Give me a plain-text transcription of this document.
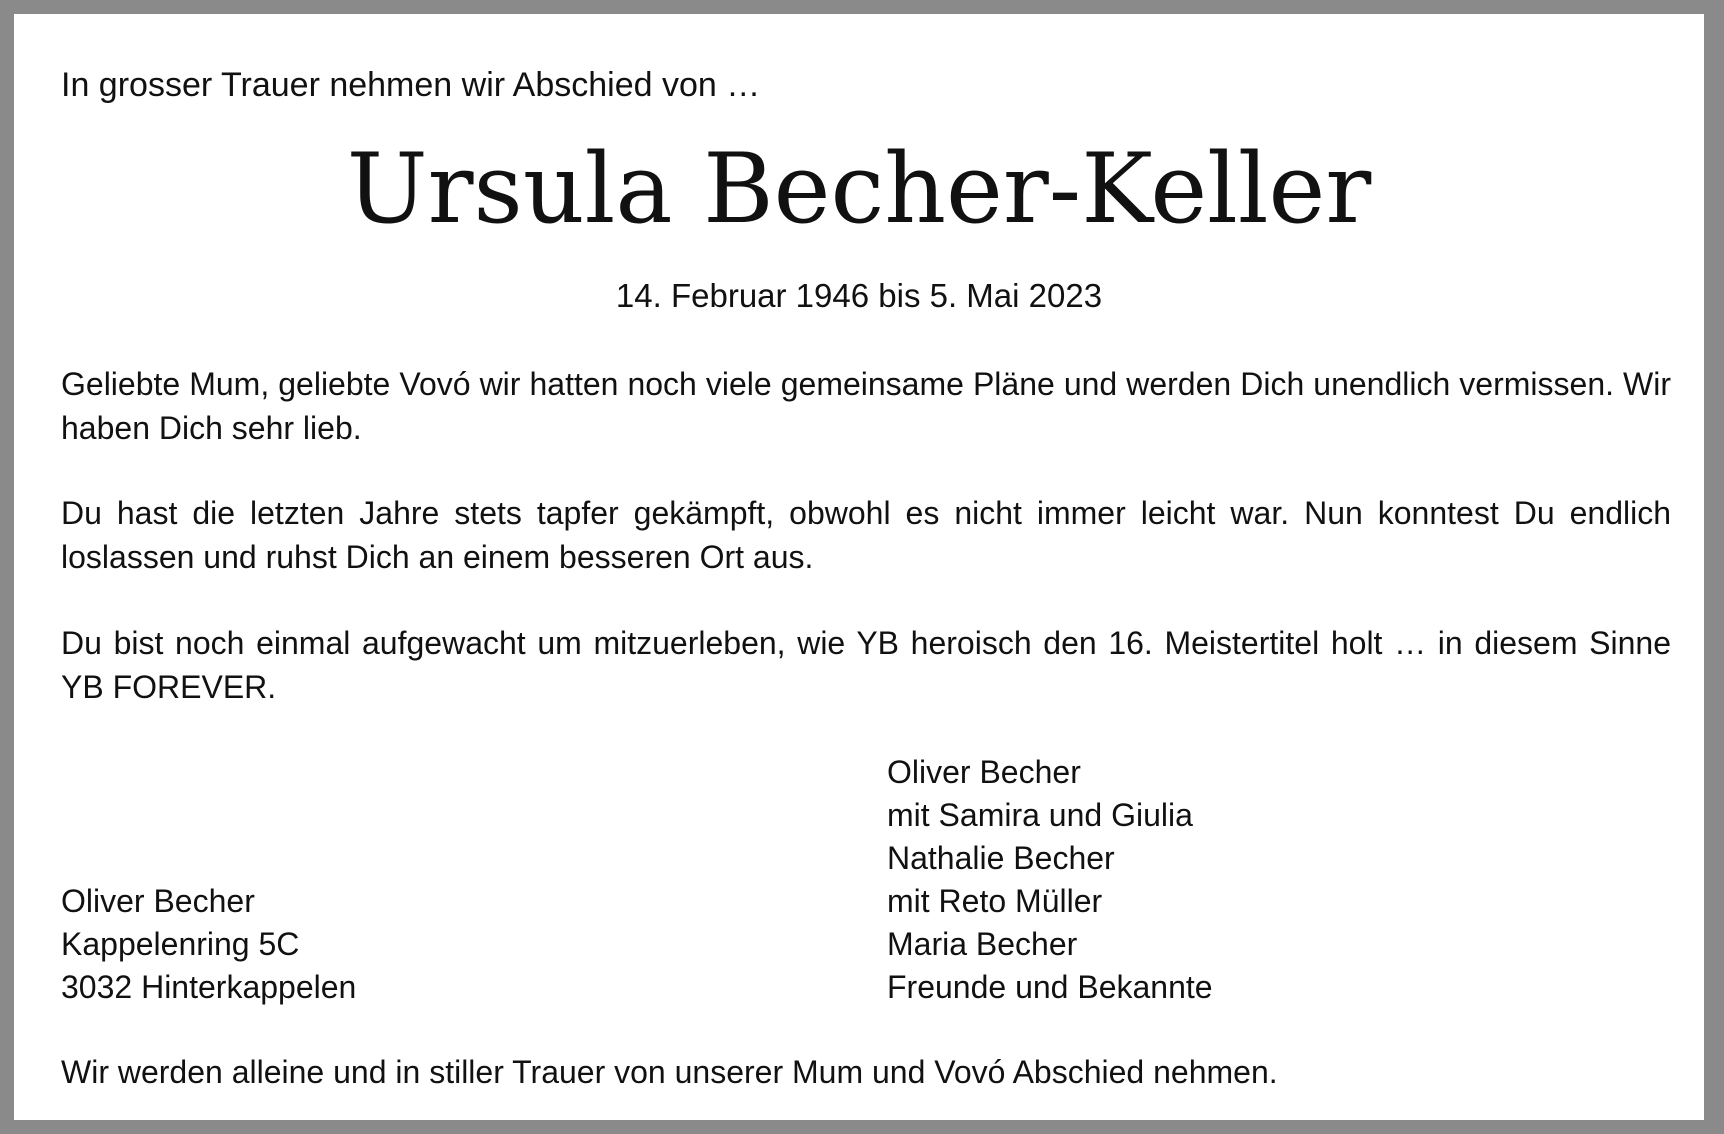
In grosser Trauer nehmen wir Abschied von …
Ursula Becher-Keller
14. Februar 1946 bis 5. Mai 2023

Geliebte Mum, geliebte Vovó wir hatten noch viele gemeinsame Pläne und werden Dich unendlich vermissen. Wir haben Dich sehr lieb.

Du hast die letzten Jahre stets tapfer gekämpft, obwohl es nicht immer leicht war. Nun konntest Du endlich loslassen und ruhst Dich an einem besseren Ort aus.

Du bist noch einmal aufgewacht um mitzuerleben, wie YB heroisch den 16. Meistertitel holt … in diesem Sinne YB FOREVER.

Oliver Becher
mit Samira und Giulia
Nathalie Becher
mit Reto Müller
Maria Becher
Freunde und Bekannte
Oliver Becher
Kappelenring 5C
3032 Hinterkappelen
Wir werden alleine und in stiller Trauer von unserer Mum und Vovó Abschied nehmen.
